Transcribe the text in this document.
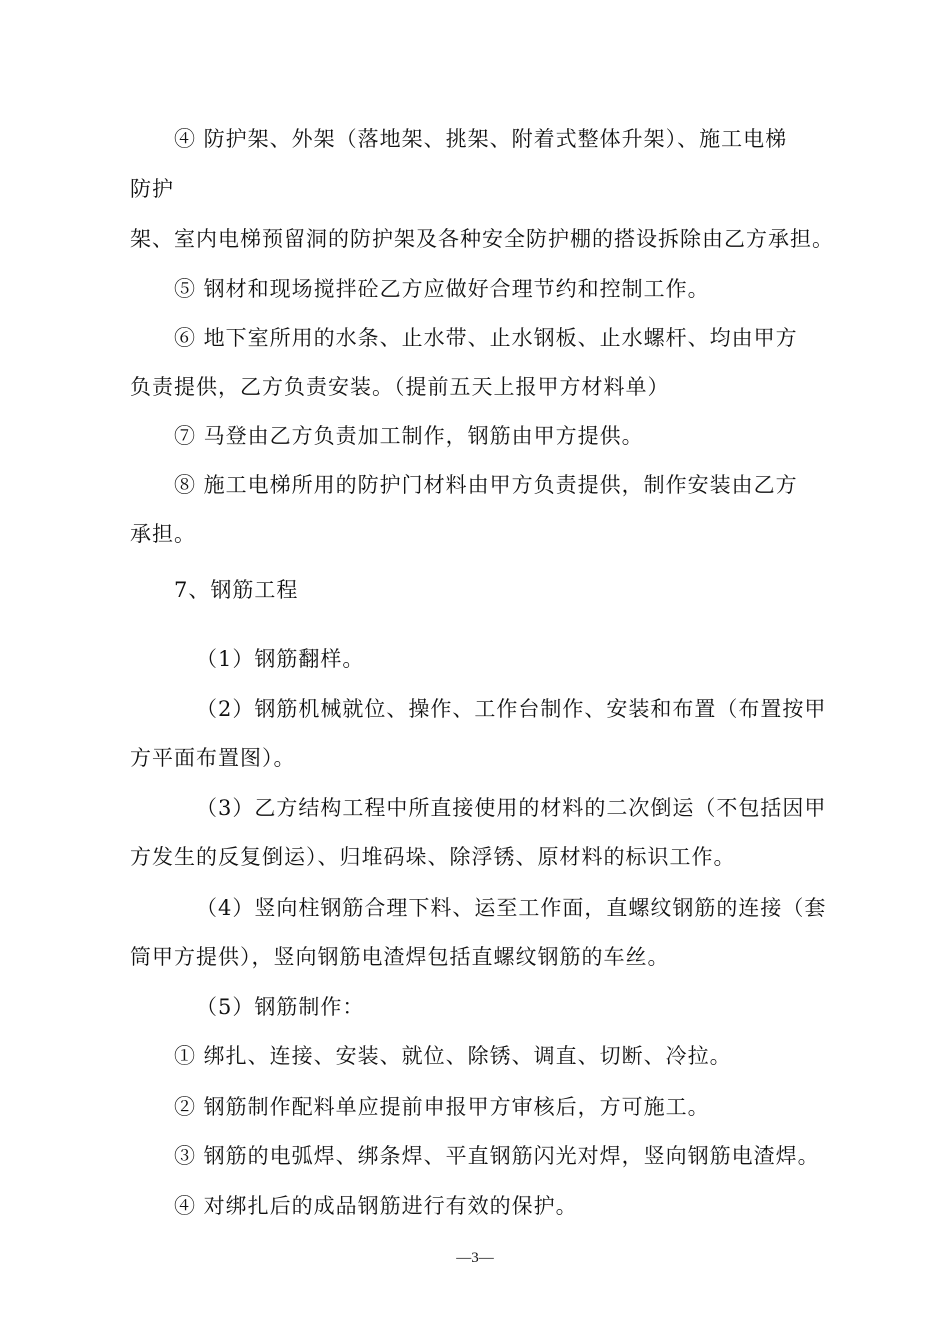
④ 防护架、外架（落地架、挑架、附着式整体升架）、施工电梯
防护
架、室内电梯预留洞的防护架及各种安全防护棚的搭设拆除由乙方承担。
⑤ 钢材和现场搅拌砼乙方应做好合理节约和控制工作。
⑥ 地下室所用的水条、止水带、止水钢板、止水螺杆、均由甲方
负责提供，乙方负责安装。（提前五天上报甲方材料单）
⑦ 马登由乙方负责加工制作，钢筋由甲方提供。
⑧ 施工电梯所用的防护门材料由甲方负责提供，制作安装由乙方
承担。
7、钢筋工程
（1）钢筋翻样。
（2）钢筋机械就位、操作、工作台制作、安装和布置（布置按甲
方平面布置图）。
（3）乙方结构工程中所直接使用的材料的二次倒运（不包括因甲
方发生的反复倒运）、归堆码垛、除浮锈、原材料的标识工作。
（4）竖向柱钢筋合理下料、运至工作面，直螺纹钢筋的连接（套
筒甲方提供），竖向钢筋电渣焊包括直螺纹钢筋的车丝。
（5）钢筋制作：
① 绑扎、连接、安装、就位、除锈、调直、切断、冷拉。
② 钢筋制作配料单应提前申报甲方审核后，方可施工。
③ 钢筋的电弧焊、绑条焊、平直钢筋闪光对焊，竖向钢筋电渣焊。
④ 对绑扎后的成品钢筋进行有效的保护。
—3—
